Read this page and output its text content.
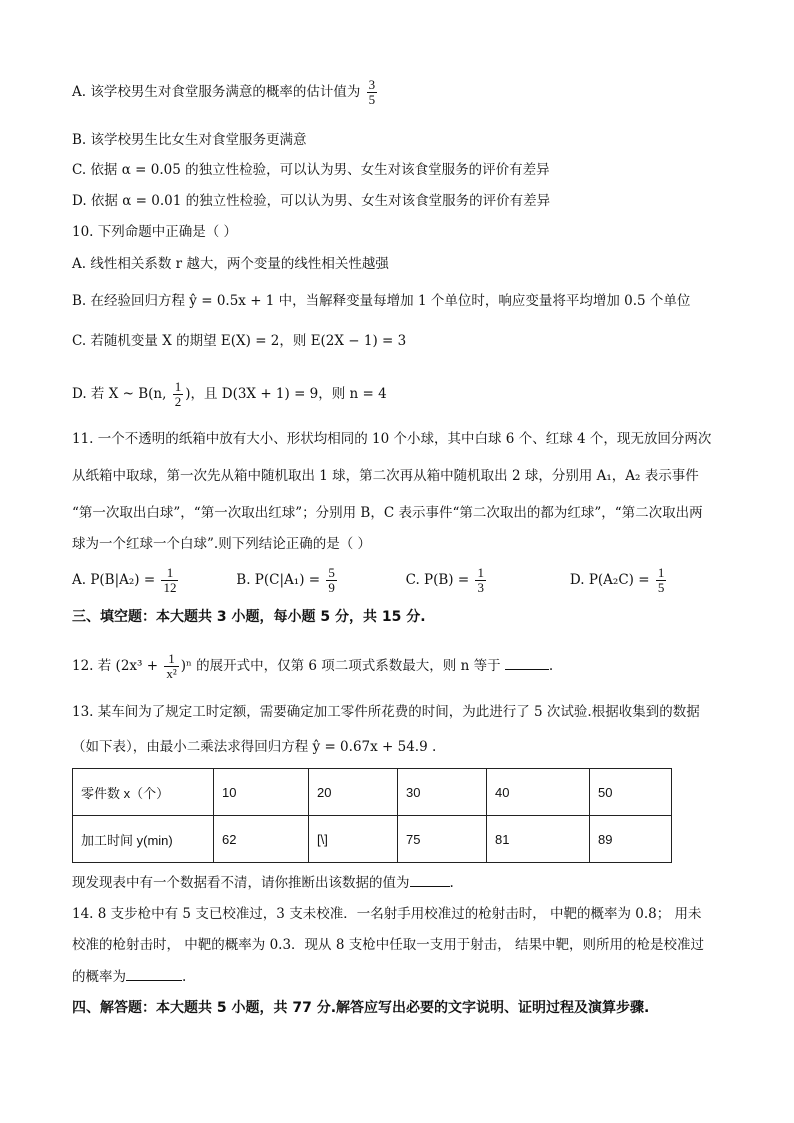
A. 该学校男生对食堂服务满意的概率的估计值为 $\frac{3}{5}$
B. 该学校男生比女生对食堂服务更满意
C. 依据 α = 0.05 的独立性检验，可以认为男、女生对该食堂服务的评价有差异
D. 依据 α = 0.01 的独立性检验，可以认为男、女生对该食堂服务的评价有差异
10. 下列命题中正确是（ ）
A. 线性相关系数 r 越大，两个变量的线性相关性越强
B. 在经验回归方程 ŷ = 0.5x + 1 中，当解释变量每增加 1 个单位时，响应变量将平均增加 0.5 个单位
C. 若随机变量 X 的期望 E(X) = 2，则 E(2X − 1) = 3
D. 若 X ~ B(n, $\frac{1}{2}$ )，且 D(3X + 1) = 9，则 n = 4
11. 一个不透明的纸箱中放有大小、形状均相同的 10 个小球，其中白球 6 个、红球 4 个，现无放回分两次
从纸箱中取球，第一次先从箱中随机取出 1 球，第二次再从箱中随机取出 2 球，分别用 A₁，A₂ 表示事件
“第一次取出白球”，“第一次取出红球”；分别用 B，C 表示事件“第二次取出的都为红球”，“第二次取出两
球为一个红球一个白球”.则下列结论正确的是（ ）
A. $P(B|A_2) = \frac{1}{12}$	B. $P(C|A_1) = \frac{5}{9}$	C. $P(B) = \frac{1}{3}$	D. $P(A_2C) = \frac{1}{5}$
三、填空题：本大题共 3 小题，每小题 5 分，共 15 分.
12. 若 $(2x^3 + \frac{1}{\text{x²}} )^n$ 的展开式中，仅第 6 项二项式系数最大，则 n 等于	.
13. 某车间为了规定工时定额，需要确定加工零件所花费的时间，为此进行了 5 次试验.根据收集到的数据
（如下表），由最小二乘法求得回归方程 ŷ = 0.67x + 54.9 .
零件数 x（个）	10	20	30	40	50
加工时间 y(min)	62	[\]	75	81	89
现发现表中有一个数据看不清，请你推断出该数据的值为	.
14. 8 支步枪中有 5 支已校准过，3 支未校准．一名射手用校准过的枪射击时， 中靶的概率为 0.8； 用未
校准的枪射击时， 中靶的概率为 0.3．现从 8 支枪中任取一支用于射击， 结果中靶，则所用的枪是校准过
的概率为	.
四、解答题：本大题共 5 小题，共 77 分.解答应写出必要的文字说明、证明过程及演算步骤.
